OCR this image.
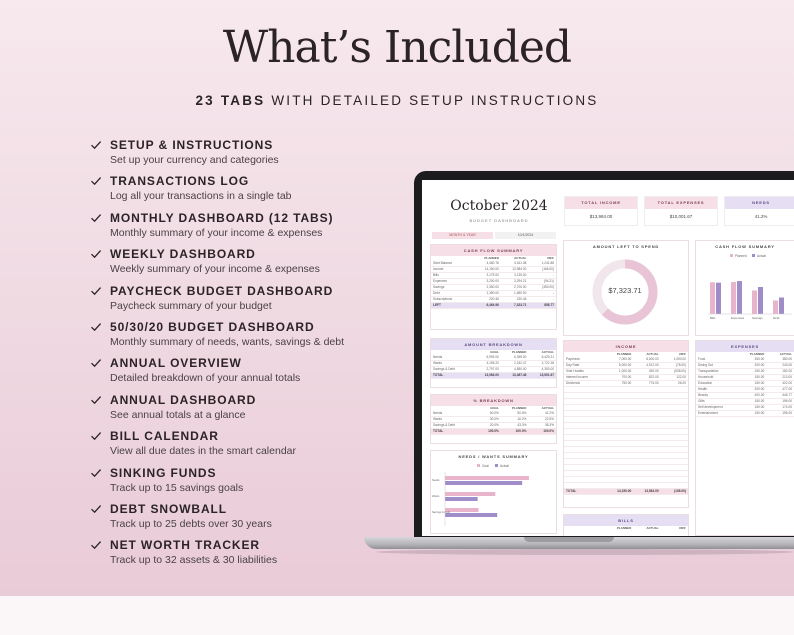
What’s Included
23 TABS WITH DETAILED SETUP INSTRUCTIONS
SETUP & INSTRUCTIONS
Set up your currency and categories
TRANSACTIONS LOG
Log all your transactions in a single tab
MONTHLY DASHBOARD (12 TABS)
Monthly summary of your income & expenses
WEEKLY DASHBOARD
Weekly summary of your income & expenses
PAYCHECK BUDGET DASHBOARD
Paycheck summary of your budget
50/30/20 BUDGET DASHBOARD
Monthly summary of needs, wants, savings & debt
ANNUAL OVERVIEW
Detailed breakdown of your annual totals
ANNUAL DASHBOARD
See annual totals at a glance
BILL CALENDAR
View all due dates in the smart calendar
SINKING FUNDS
Track up to 15 savings goals
DEBT SNOWBALL
Track up to 25 debts over 30 years
NET WORTH TRACKER
Track up to 32 assets & 30 liabilities
October 2024
BUDGET DASHBOARD
MONTH & YEAR	10/1/2024
TOTAL INCOME
$13,984.00
TOTAL EXPENSES
$10,001.67
NEEDS
41.2%
CASH FLOW SUMMARY
PLANNED	ACTUAL	DIFF
Start Balance	4,460.76	4,161.38	1,241.86
Income	14,150.00	13,984.00	(166.00)
Bills	3,175.00	3,135.00	-
Expenses	3,200.00	3,294.21	(94.21)
Savings	2,350.00	2,700.00	(350.00)
Debt	1,350.00	1,650.00	-
Subscriptions	220.46	220.46	-
LEFT	6,464.96	7,323.71	858.77
AMOUNT LEFT TO SPEND
$7,323.71
CASH FLOW SUMMARY
Planned	Actual
Bills	Expenses	Savings	Debt
AMOUNT BREAKDOWN
GOAL	PLANNED	ACTUAL
Needs	6,992.00	6,395.00	6,429.21
Wants	4,195.20	2,242.47	2,722.18
Savings & Debt	2,797.00	4,850.00	4,350.00
TOTAL	13,984.00	13,487.46	13,501.67
% BREAKDOWN
GOAL	PLANNED	ACTUAL
Needs	50.0%	50.5%	41.2%
Wants	30.0%	16.2%	22.5%
Savings & Debt	20.0%	43.3%	36.3%
TOTAL	100.0%	100.0%	100.0%
NEEDS / WANTS SUMMARY
Goal	Actual
Needs
Wants
Savings & Debt
INCOME
PLANNED	ACTUAL	DIFF
Paycheck	7,000.00	8,000.00	1,000.00
Day Rate	5,000.00	4,912.00	(78.00)
Side Hustles	1,000.00	492.00	(508.00)
Interest Income	700.00	822.00	122.00
Dividends	750.00	776.00	26.00
TOTAL	14,150.00	13,984.00	(166.00)
BILLS
PLANNED	ACTUAL	DIFF
EXPENSES
PLANNED	ACTUAL
Food	350.00	380.00
Dining Out	200.00	243.00
Transportation	150.00	182.00
Household	150.00	213.00
Education	150.00	422.00
Health	200.00	477.00
Beauty	400.00	446.77
Gifts	150.00	196.00
Self development	150.00	174.00
Entertainment	150.00	196.00
